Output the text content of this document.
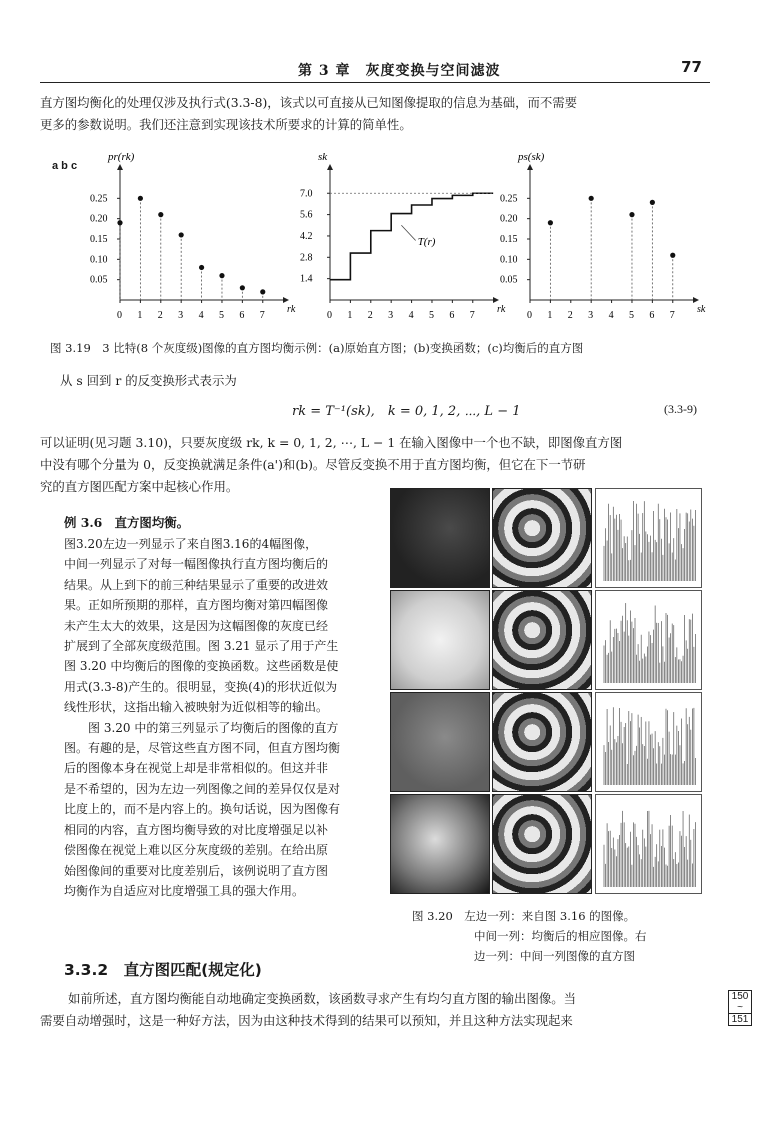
第 3 章　灰度变换与空间滤波	77

直方图均衡化的处理仅涉及执行式(3.3-8)，该式以可直接从已知图像提取的信息为基础，而不需要

更多的参数说明。我们还注意到实现该技术所要求的计算的简单性。

a b c
pr(rk)
rk
0 1 2 3 4 5 6 7
0.05
0.10
0.15
0.20
0.25
sk
rk
0 1 2 3 4 5 6 7
1.4
2.8
4.2
5.6
7.0
T(r)
ps(sk)
sk
0 1 2 3 4 5 6 7
0.05
0.10
0.15
0.20
0.25
图 3.19　3 比特(8 个灰度级)图像的直方图均衡示例：(a)原始直方图；(b)变换函数；(c)均衡后的直方图
从 s 回到 r 的反变换形式表示为
rk = T⁻¹(sk),　k = 0, 1, 2, ⋯, L − 1	(3.3-9)

可以证明(见习题 3.10)，只要灰度级 rk, k = 0, 1, 2, ⋯, L − 1 在输入图像中一个也不缺，即图像直方图

中没有哪个分量为 0，反变换就满足条件(a')和(b)。尽管反变换不用于直方图均衡，但它在下一节研

究的直方图匹配方案中起核心作用。

例 3.6　直方图均衡。

图3.20左边一列显示了来自图3.16的4幅图像，

中间一列显示了对每一幅图像执行直方图均衡后的

结果。从上到下的前三种结果显示了重要的改进效

果。正如所预期的那样，直方图均衡对第四幅图像

未产生太大的效果，这是因为这幅图像的灰度已经

扩展到了全部灰度级范围。图 3.21 显示了用于产生

图 3.20 中均衡后的图像的变换函数。这些函数是使

用式(3.3-8)产生的。很明显，变换(4)的形状近似为

线性形状，这指出输入被映射为近似相等的输出。

　　图 3.20 中的第三列显示了均衡后的图像的直方

图。有趣的是，尽管这些直方图不同，但直方图均衡

后的图像本身在视觉上却是非常相似的。但这并非

是不希望的，因为左边一列图像之间的差异仅仅是对

比度上的，而不是内容上的。换句话说，因为图像有

相同的内容，直方图均衡导致的对比度增强足以补

偿图像在视觉上难以区分灰度级的差别。在给出原

始图像间的重要对比度差别后，该例说明了直方图

均衡作为自适应对比度增强工具的强大作用。

图 3.20　左边一列：来自图 3.16 的图像。
中间一列：均衡后的相应图像。右
边一列：中间一列图像的直方图
3.3.2　直方图匹配(规定化)

如前所述，直方图均衡能自动地确定变换函数，该函数寻求产生有均匀直方图的输出图像。当

需要自动增强时，这是一种好方法，因为由这种技术得到的结果可以预知，并且这种方法实现起来

150
~
151
